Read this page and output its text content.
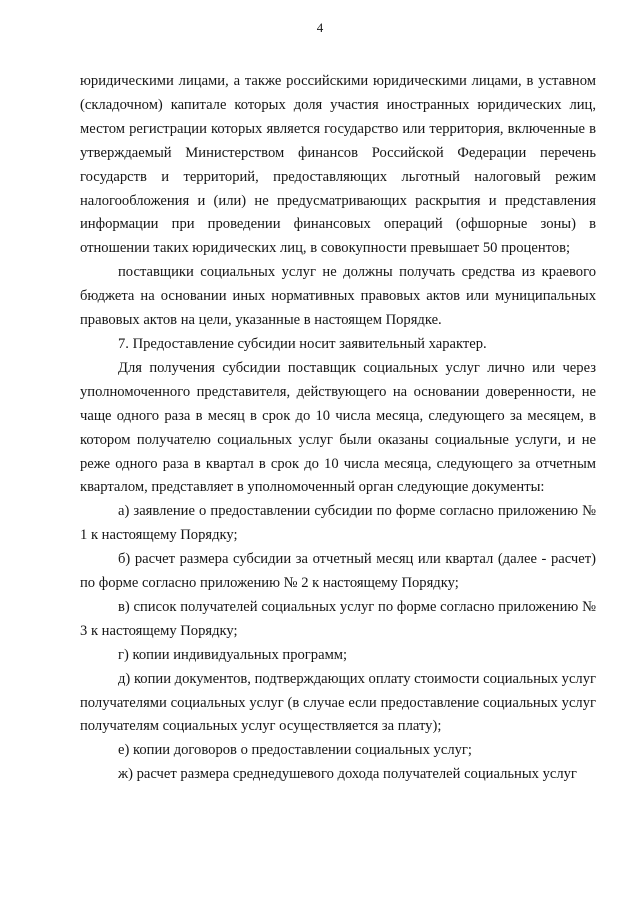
4

юридическими лицами, а также российскими юридическими лицами, в уставном (складочном) капитале которых доля участия иностранных юридических лиц, местом регистрации которых является государство или территория, включенные в утверждаемый Министерством финансов Российской Федерации перечень государств и территорий, предоставляющих льготный налоговый режим налогообложения и (или) не предусматривающих раскрытия и представления информации при проведении финансовых операций (офшорные зоны) в отношении таких юридических лиц, в совокупности превышает 50 процентов;

поставщики социальных услуг не должны получать средства из краевого бюджета на основании иных нормативных правовых актов или муниципальных правовых актов на цели, указанные в настоящем Порядке.

7. Предоставление субсидии носит заявительный характер.

Для получения субсидии поставщик социальных услуг лично или через уполномоченного представителя, действующего на основании доверенности, не чаще одного раза в месяц в срок до 10 числа месяца, следующего за месяцем, в котором получателю социальных услуг были оказаны социальные услуги, и не реже одного раза в квартал в срок до 10 числа месяца, следующего за отчетным кварталом, представляет в уполномоченный орган следующие документы:

а) заявление о предоставлении субсидии по форме согласно приложению № 1 к настоящему Порядку;

б) расчет размера субсидии за отчетный месяц или квартал (далее - расчет) по форме согласно приложению № 2 к настоящему Порядку;

в) список получателей социальных услуг по форме согласно приложению № 3 к настоящему Порядку;

г) копии индивидуальных программ;

д) копии документов, подтверждающих оплату стоимости социальных услуг получателями социальных услуг (в случае если предоставление социальных услуг получателям социальных услуг осуществляется за плату);

е) копии договоров о предоставлении социальных услуг;

ж) расчет размера среднедушевого дохода получателей социальных услуг
